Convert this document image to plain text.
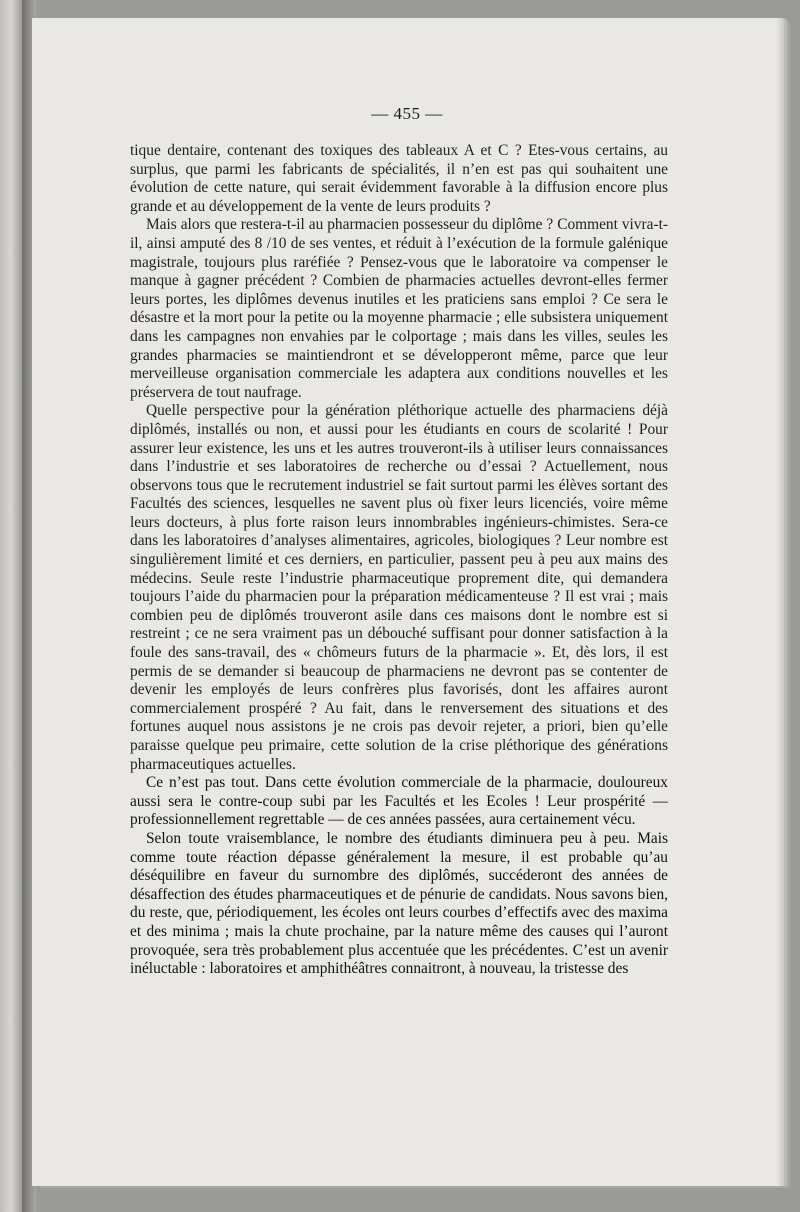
— 455 —

tique dentaire, contenant des toxiques des tableaux A et C ? Etes-vous certains, au surplus, que parmi les fabricants de spécialités, il n’en est pas qui souhaitent une évolution de cette nature, qui serait évidemment favorable à la diffusion encore plus grande et au développement de la vente de leurs produits ?

Mais alors que restera-t-il au pharmacien possesseur du diplôme ? Comment vivra-t-il, ainsi amputé des 8 /10 de ses ventes, et réduit à l’exécution de la formule galénique magistrale, toujours plus raréfiée ? Pensez-vous que le laboratoire va compenser le manque à gagner précédent ? Combien de pharmacies actuelles devront-elles fermer leurs portes, les diplômes devenus inutiles et les praticiens sans emploi ? Ce sera le désastre et la mort pour la petite ou la moyenne pharmacie ; elle subsistera uniquement dans les campagnes non envahies par le colportage ; mais dans les villes, seules les grandes pharmacies se maintiendront et se développeront même, parce que leur merveilleuse organisation commerciale les adaptera aux conditions nouvelles et les préservera de tout naufrage.

Quelle perspective pour la génération pléthorique actuelle des pharmaciens déjà diplômés, installés ou non, et aussi pour les étudiants en cours de scolarité ! Pour assurer leur existence, les uns et les autres trouveront-ils à utiliser leurs connaissances dans l’industrie et ses laboratoires de recherche ou d’essai ? Actuellement, nous observons tous que le recrutement industriel se fait surtout parmi les élèves sortant des Facultés des sciences, lesquelles ne savent plus où fixer leurs licenciés, voire même leurs docteurs, à plus forte raison leurs innombrables ingénieurs-chimistes. Sera-ce dans les laboratoires d’analyses alimentaires, agricoles, biologiques ? Leur nombre est singulièrement limité et ces derniers, en particulier, passent peu à peu aux mains des médecins. Seule reste l’industrie pharmaceutique proprement dite, qui demandera toujours l’aide du pharmacien pour la préparation médicamenteuse ? Il est vrai ; mais combien peu de diplômés trouveront asile dans ces maisons dont le nombre est si restreint ; ce ne sera vraiment pas un débouché suffisant pour donner satisfaction à la foule des sans-travail, des « chômeurs futurs de la pharmacie ». Et, dès lors, il est permis de se demander si beaucoup de pharmaciens ne devront pas se contenter de devenir les employés de leurs confrères plus favorisés, dont les affaires auront commercialement prospéré ? Au fait, dans le renversement des situations et des fortunes auquel nous assistons je ne crois pas devoir rejeter, a priori, bien qu’elle paraisse quelque peu primaire, cette solution de la crise pléthorique des générations pharmaceutiques actuelles.

Ce n’est pas tout. Dans cette évolution commerciale de la pharmacie, douloureux aussi sera le contre-coup subi par les Facultés et les Ecoles ! Leur prospérité — professionnellement regrettable — de ces années passées, aura certainement vécu.

Selon toute vraisemblance, le nombre des étudiants diminuera peu à peu. Mais comme toute réaction dépasse généralement la mesure, il est probable qu’au déséquilibre en faveur du surnombre des diplômés, succéderont des années de désaffection des études pharmaceutiques et de pénurie de candidats. Nous savons bien, du reste, que, périodiquement, les écoles ont leurs courbes d’effectifs avec des maxima et des minima ; mais la chute prochaine, par la nature même des causes qui l’auront provoquée, sera très probablement plus accentuée que les précédentes. C’est un avenir inéluctable : laboratoires et amphithéâtres connaitront, à nouveau, la tristesse des
